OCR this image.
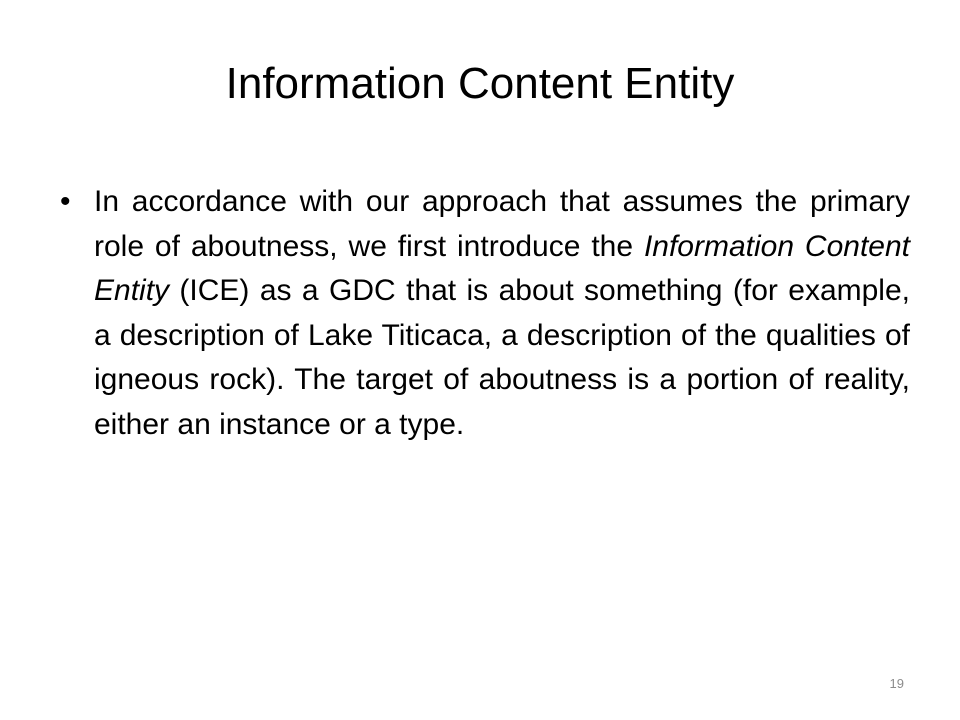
Information Content Entity
• In accordance with our approach that assumes the primary role of aboutness, we first introduce the Information Content Entity (ICE) as a GDC that is about something (for example, a description of Lake Titicaca, a description of the qualities of igneous rock). The target of aboutness is a portion of reality, either an instance or a type.
19
